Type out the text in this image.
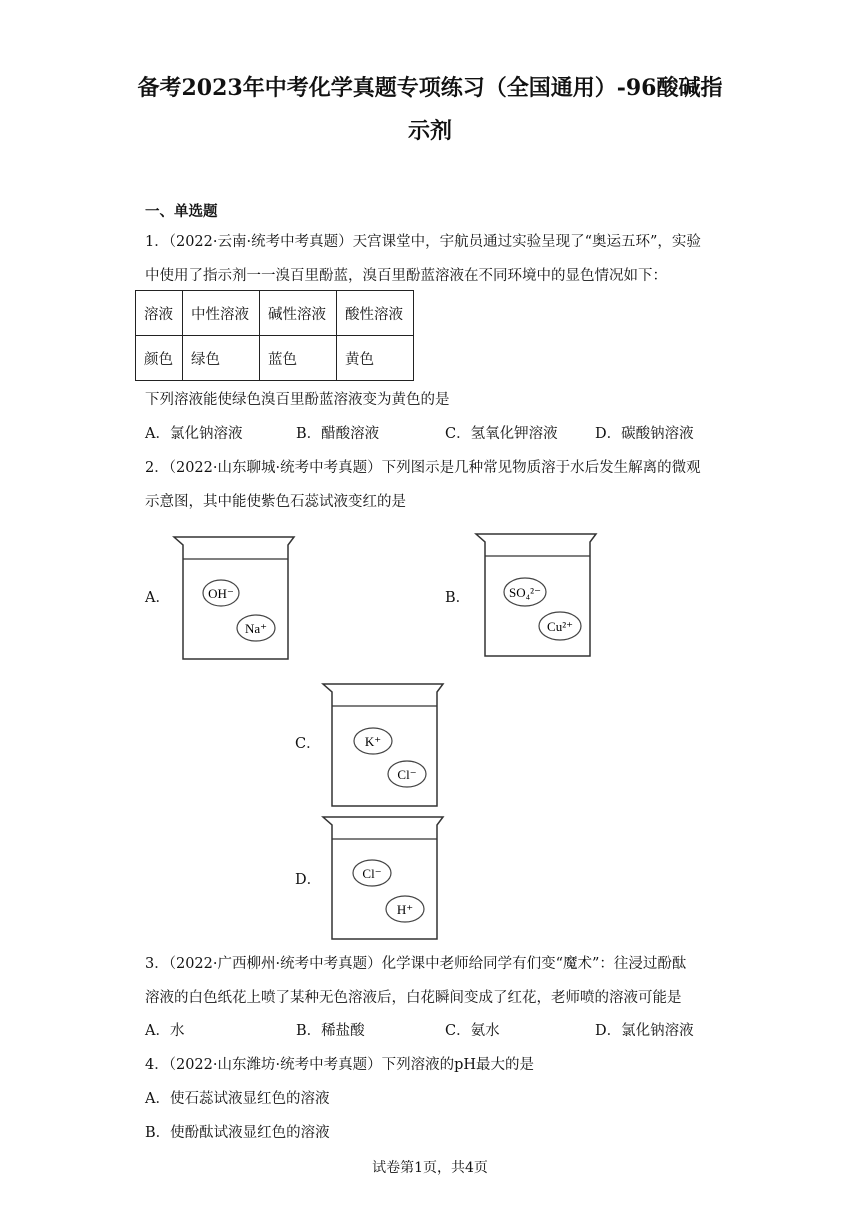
备考2023年中考化学真题专项练习（全国通用）-96酸碱指
示剂
一、单选题
1．（2022·云南·统考中考真题）天宫课堂中，宇航员通过实验呈现了“奥运五环”，实验
中使用了指示剂一一溴百里酚蓝，溴百里酚蓝溶液在不同环境中的显色情况如下：
溶液	中性溶液	碱性溶液	酸性溶液
颜色	绿色	蓝色	黄色
下列溶液能使绿色溴百里酚蓝溶液变为黄色的是
A．氯化钠溶液	B．醋酸溶液	C．氢氧化钾溶液	D．碳酸钠溶液
2．（2022·山东聊城·统考中考真题）下列图示是几种常见物质溶于水后发生解离的微观
示意图，其中能使紫色石蕊试液变红的是
A．	OH⁻
Na⁺
B．	SO₄²⁻
Cu²⁺
C．	K⁺
Cl⁻
D．	Cl⁻
H⁺
3．（2022·广西柳州·统考中考真题）化学课中老师给同学有们变“魔术”：往浸过酚酞
溶液的白色纸花上喷了某种无色溶液后，白花瞬间变成了红花，老师喷的溶液可能是
A．水	B．稀盐酸	C．氨水	D．氯化钠溶液
4．（2022·山东潍坊·统考中考真题）下列溶液的pH最大的是
A．使石蕊试液显红色的溶液
B．使酚酞试液显红色的溶液
试卷第1页，共4页
